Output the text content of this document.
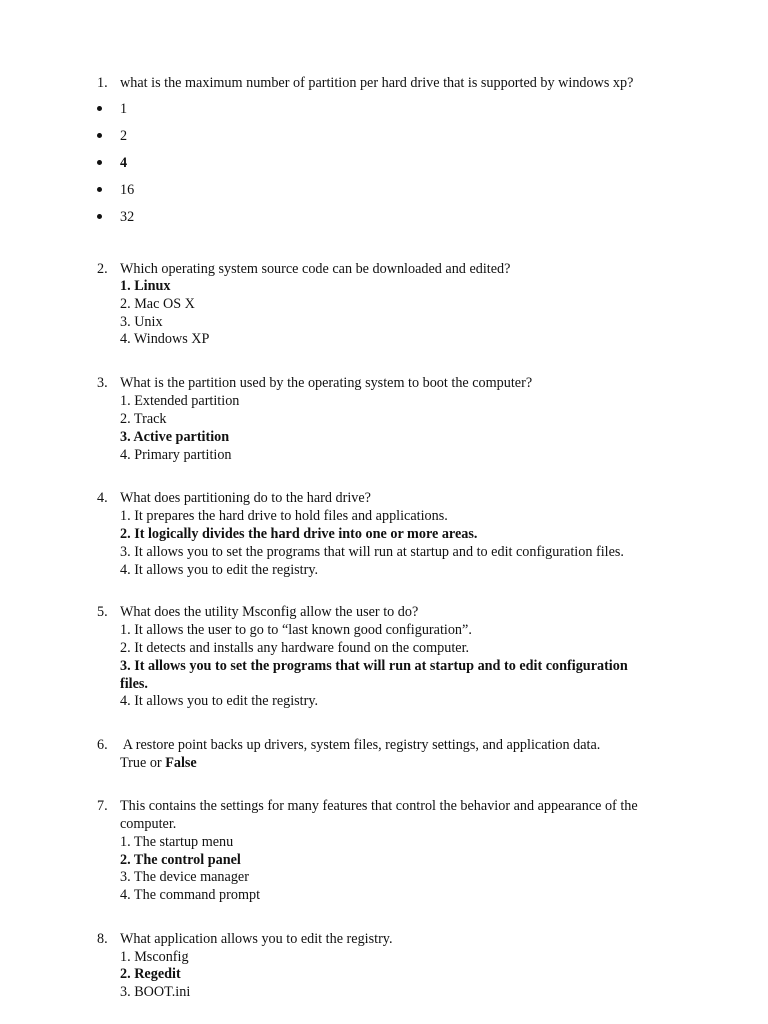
1. what is the maximum number of partition per hard drive that is supported by windows xp?
1
2
4
16
32
2. Which operating system source code can be downloaded and edited?
1. Linux
2. Mac OS X
3. Unix
4. Windows XP
3. What is the partition used by the operating system to boot the computer?
1. Extended partition
2. Track
3. Active partition
4. Primary partition
4. What does partitioning do to the hard drive?
1. It prepares the hard drive to hold files and applications.
2. It logically divides the hard drive into one or more areas.
3. It allows you to set the programs that will run at startup and to edit configuration files.
4. It allows you to edit the registry.
5. What does the utility Msconfig allow the user to do?
1. It allows the user to go to “last known good configuration”.
2. It detects and installs any hardware found on the computer.
3. It allows you to set the programs that will run at startup and to edit configuration
files.
4. It allows you to edit the registry.
6. A restore point backs up drivers, system files, registry settings, and application data.
True or False
7. This contains the settings for many features that control the behavior and appearance of the
computer.
1. The startup menu
2. The control panel
3. The device manager
4. The command prompt
8. What application allows you to edit the registry.
1. Msconfig
2. Regedit
3. BOOT.ini
